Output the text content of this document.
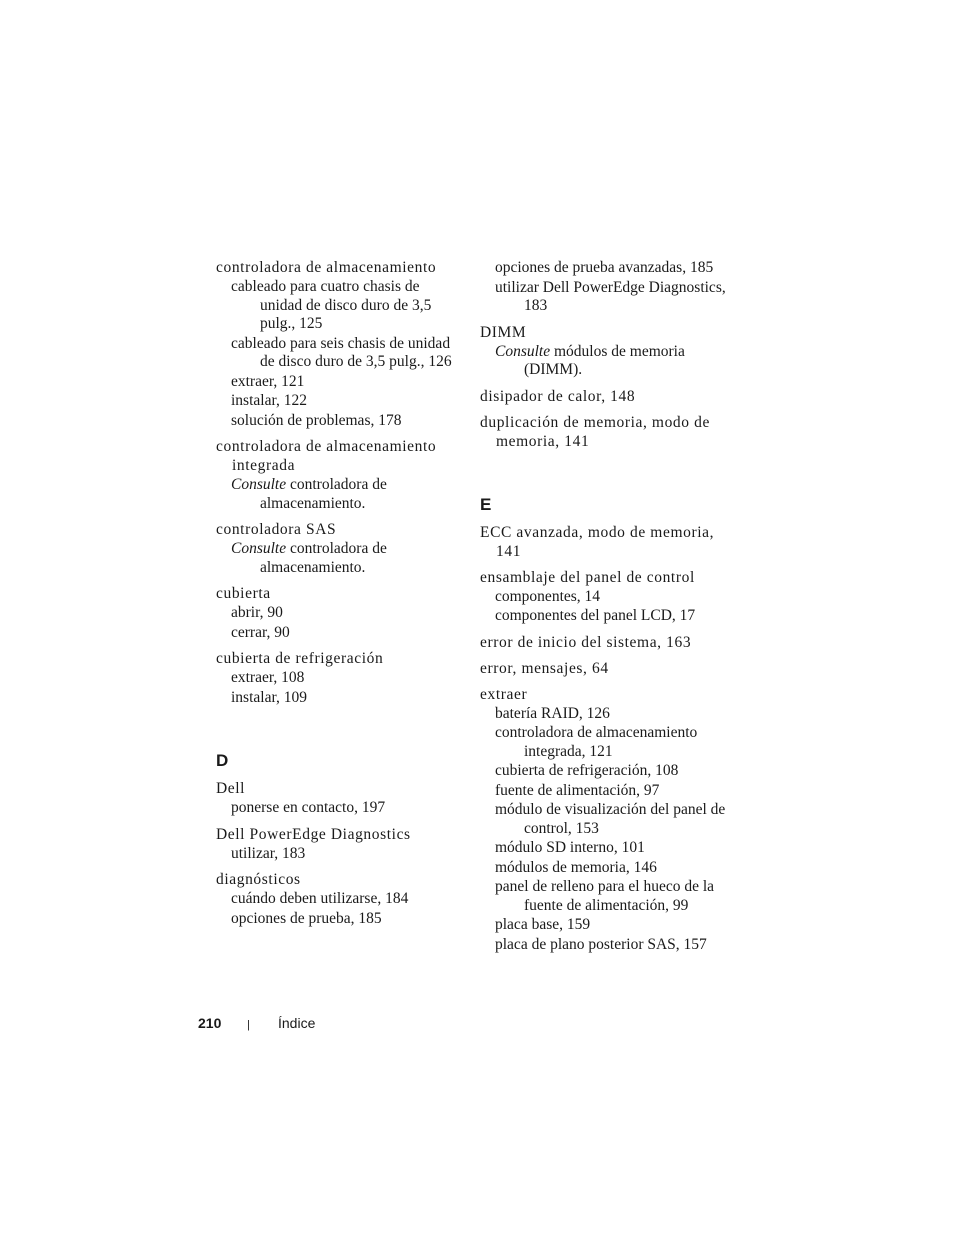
controladora de almacenamiento
cableado para cuatro chasis de unidad de disco duro de 3,5 pulg., 125
cableado para seis chasis de unidad de disco duro de 3,5 pulg., 126
extraer, 121
instalar, 122
solución de problemas, 178
controladora de almacenamiento integrada
Consulte controladora de almacenamiento.
controladora SAS
Consulte controladora de almacenamiento.
cubierta
abrir, 90
cerrar, 90
cubierta de refrigeración
extraer, 108
instalar, 109
D
Dell
ponerse en contacto, 197
Dell PowerEdge Diagnostics
utilizar, 183
diagnósticos
cuándo deben utilizarse, 184
opciones de prueba, 185
opciones de prueba avanzadas, 185
utilizar Dell PowerEdge Diagnostics, 183
DIMM
Consulte módulos de memoria (DIMM).
disipador de calor, 148
duplicación de memoria, modo de memoria, 141
E
ECC avanzada, modo de memoria, 141
ensamblaje del panel de control
componentes, 14
componentes del panel LCD, 17
error de inicio del sistema, 163
error, mensajes, 64
extraer
batería RAID, 126
controladora de almacenamiento integrada, 121
cubierta de refrigeración, 108
fuente de alimentación, 97
módulo de visualización del panel de control, 153
módulo SD interno, 101
módulos de memoria, 146
panel de relleno para el hueco de la fuente de alimentación, 99
placa base, 159
placa de plano posterior SAS, 157
210 | Índice
